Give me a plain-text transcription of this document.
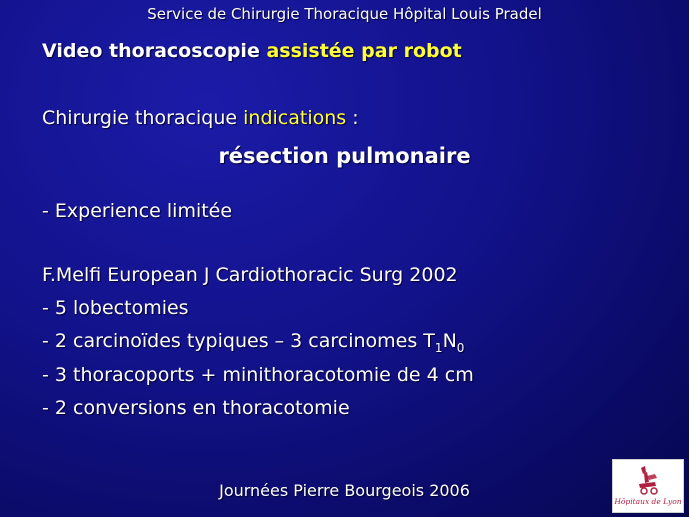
Service de Chirurgie Thoracique Hôpital Louis Pradel
Video thoracoscopie assistée par robot
Chirurgie thoracique indications :
résection pulmonaire
- Experience limitée
F.Melfi European J Cardiothoracic Surg 2002
- 5 lobectomies
- 2 carcinoïdes typiques – 3 carcinomes $T_1N_0$
- 3 thoracoports + minithoracotomie de 4 cm
- 2 conversions en thoracotomie
Journées Pierre Bourgeois 2006
Hôpitaux de Lyon
